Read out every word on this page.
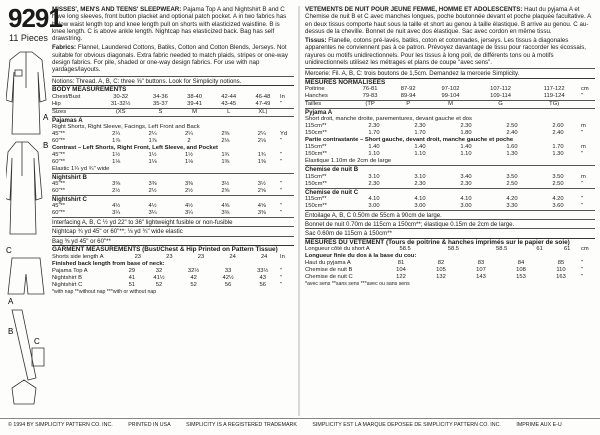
9291
11 Pieces
A
B
C
A
B
C

MISSES', MEN'S AND TEENS' SLEEPWEAR: Pajama Top A and Nightshirt B and C have long sleeves, front button placket and optional patch pocket. A in two fabrics has below waist length top and knee length pull on shorts with elasticized waistline. B is knee length. C is above ankle length. Nightcap has elasticized back. Bag has self drawstring.

Fabrics: Flannel, Laundered Cottons, Batiks, Cotton and Cotton Blends, Jerseys. Not suitable for obvious diagonals. Extra fabric needed to match plaids, stripes or one-way design fabrics. For pile, shaded or one-way design fabrics. For use with nap yardages/layouts.

Notions: Thread. A, B, C: three ⅝" buttons. Look for Simplicity notions.

BODY MEASUREMENTS

Chest/Bust	30-32	34-36	38-40	42-44	46-48	In
Hip	31-32½	35-37	39-41	43-45	47-49	"
Sizes	(XS	S	M	L	XL)	

Pajamas A

Right Shorts, Right Sleeve, Facings, Left Front and Back

45"**	2¼	2¼	2¼	2⅜	2¼	Yd
60"**	1⅞	1⅞	2	2⅛	2⅛	"

Contrast – Left Shorts, Right Front, Left Sleeve, and Pocket

45"**	1½	1½	1½	1¾	1¾	"
60"**	1⅛	1⅛	1⅛	1⅜	1⅜	"

Elastic 1¼ yd ¾" wide

Nightshirt B

45"**	3⅜	3⅜	3⅜	3½	3½	"
60"**	2½	2½	2½	2⅝	2⅝	"

Nightshirt C

45"**	4½	4½	4½	4⅝	4⅝	"
60"**	3¼	3¼	3¼	3⅜	3⅜	"

Interfacing A, B, C ½ yd 22" to 36" lightweight fusible or non-fusible

Nightcap ¾ yd 45" or 60"**; ⅛ yd ¾" wide elastic

Bag ⅜ yd 45" or 60"**

GARMENT MEASUREMENTS (Bust/Chest & Hip Printed on Pattern Tissue)

Shorts side length A	23	23	23	24	24	In

Finished back length from base of neck:

Pajama Top A	29	32	32½	33	33½	"
Nightshirt B	41	41½	42	42½	43	"
Nightshirt C	51	52	52	56	56	"

*with nap **without nap ***with or without nap

VETEMENTS DE NUIT POUR JEUNE FEMME, HOMME ET ADOLESCENTS: Haut du pyjama A et Chemise de nuit B et C avec manches longues, poche boutonnée devant et poche plaquée facultative. A en deux tissus comporte haut sous la taille et short au genou à taille élastique. B arrive au genou. C au-dessus de la cheville. Bonnet de nuit avec dos élastique. Sac avec cordon en même tissu.

Tissus: Flanelle, cotons pré-lavés, batiks, coton et cotonnades, jerseys. Les tissus à diagonales apparentes ne conviennent pas à ce patron. Prévoyez davantage de tissu pour raccorder les écossais, rayures ou motifs unidirectionnels. Pour les tissus à long poil, de différents tons ou à motifs unidirectionnels utilisez les métrages et plans de coupe "avec sens".

Mercerie: Fil. A, B, C: trois boutons de 1,5cm. Demandez la mercerie Simplicity.

MESURES NORMALISEES

Poitrine	76-81	87-92	97-102	107-112	117-122	cm
Hanches	79-83	89-94	99-104	109-114	119-124	"
Tailles	(TP	P	M	G	TG)	

Pyjama A

Short droit, manche droite, parementures, devant gauche et dos

115cm**	2.30	2.30	2.30	2.50	2.60	m
150cm**	1.70	1.70	1.80	2.40	2.40	"

Partie contrastante – Short gauche, devant droit, manche gauche et poche

115cm**	1.40	1.40	1.40	1.60	1.70	m
150cm**	1.10	1.10	1.10	1.30	1.30	"

Élastique 1.10m de 2cm de large

Chemise de nuit B

115cm**	3.10	3.10	3.40	3.50	3.50	m
150cm**	2.30	2.30	2.30	2.50	2.50	"

Chemise de nuit C

115cm**	4.10	4.10	4.10	4.20	4.20	"
150cm**	3.00	3.00	3.00	3.30	3.60	"

Entoilage A, B, C 0.50m de 55cm à 90cm de large.

Bonnet de nuit 0.70m de 115cm a 150cm**; élastique 0.15m de 2cm de large.

Sac 0.60m de 115cm à 150cm**

MESURES DU VETEMENT (Tours de poitrine & hanches imprimés sur le papier de soie)

Longueur côté du short A	58.5	58.5	58.5	61	61	cm

Longueur finie du dos à la base du cou:

Haut du pyjama A	81	82	83	84	85	"
Chemise de nuit B	104	105	107	108	110	"
Chemise de nuit C	122	132	143	153	163	"

*avec sens **sans sens ***avec ou sans sens

© 1994 BY SIMPLICITY PATTERN CO. INC.	PRINTED IN USA	SIMPLICITY IS A REGISTERED TRADEMARK	SIMPLICITY EST LA MARQUE DEPOSEE DE SIMPLICITY PATTERN CO. INC.	IMPRIME AUX E-U
